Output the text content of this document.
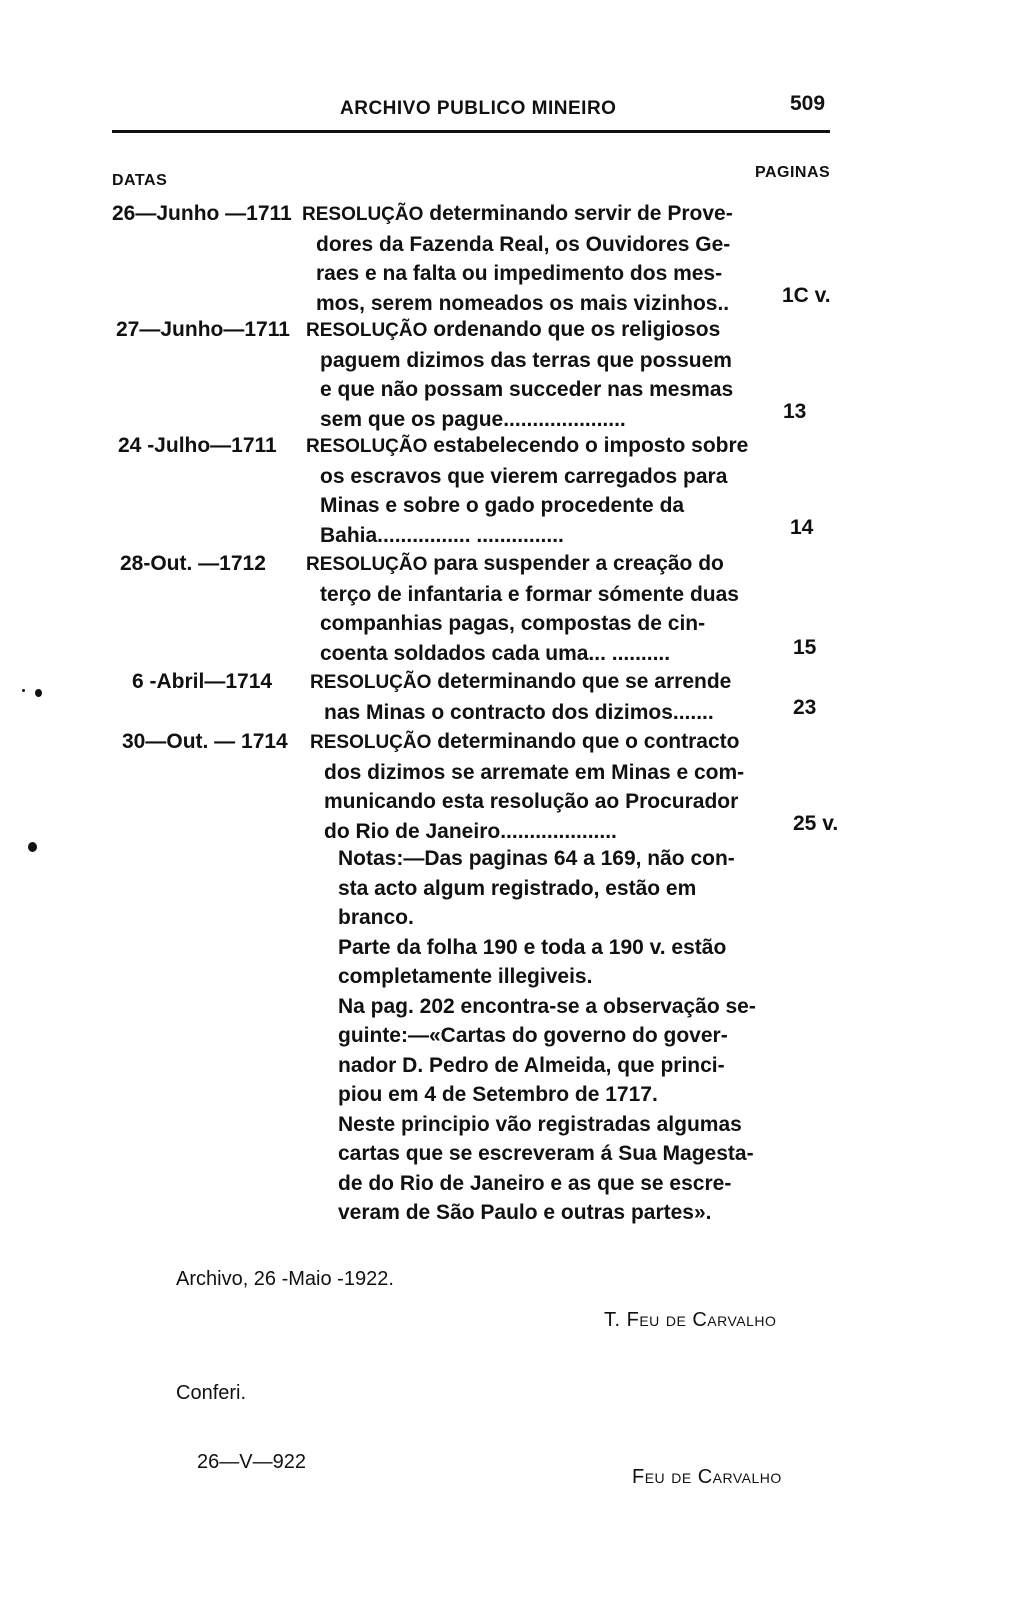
ARCHIVO PUBLICO MINEIRO	509
DATAS	PAGINAS
26—Junho —1711 RESOLUÇÃO determinando servir de Prove-
dores da Fazenda Real, os Ouvidores Ge-
raes e na falta ou impedimento dos mes-
mos, serem nomeados os mais vizinhos..	1C v.
27—Junho—1711 RESOLUÇÃO ordenando que os religiosos
paguem dizimos das terras que possuem
e que não possam succeder nas mesmas
sem que os pague.....................	13
24 -Julho—1711 RESOLUÇÃO estabelecendo o imposto sobre
os escravos que vierem carregados para
Minas e sobre o gado procedente da
Bahia................ ...............	14
28-Out. —1712 RESOLUÇÃO para suspender a creação do
terço de infantaria e formar sómente duas
companhias pagas, compostas de cin-
coenta soldados cada uma... ..........	15
6 -Abril—1714 RESOLUÇÃO determinando que se arrende
nas Minas o contracto dos dizimos.......	23
30—Out. — 1714 RESOLUÇÃO determinando que o contracto
dos dizimos se arremate em Minas e com-
municando esta resolução ao Procurador
do Rio de Janeiro....................	25 v.
Notas:—Das paginas 64 a 169, não con-
sta acto algum registrado, estão em
branco.
Parte da folha 190 e toda a 190 v. estão
completamente illegiveis.
Na pag. 202 encontra-se a observação se-
guinte:—«Cartas do governo do gover-
nador D. Pedro de Almeida, que princi-
piou em 4 de Setembro de 1717.
Neste principio vão registradas algumas
cartas que se escreveram á Sua Magesta-
de do Rio de Janeiro e as que se escre-
veram de São Paulo e outras partes».
Archivo, 26 -Maio -1922.
T. Feu de Carvalho
Conferi.
26—V—922
Feu de Carvalho
